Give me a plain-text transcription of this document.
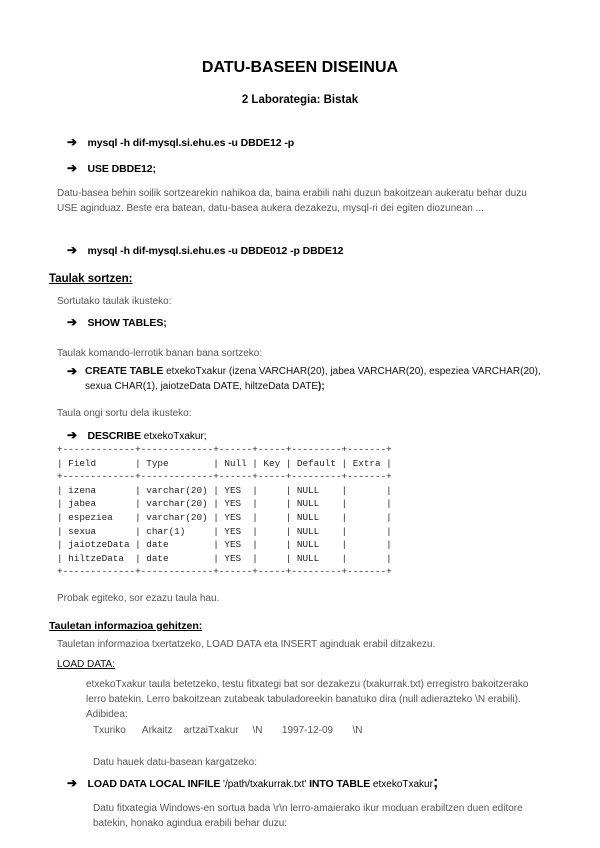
DATU-BASEEN DISEINUA
2 Laborategia: Bistak
➔ mysql -h dif-mysql.si.ehu.es -u DBDE12 -p
➔ USE DBDE12;
Datu-basea behin soilik sortzearekin nahikoa da, baina erabili nahi duzun bakoitzean aukeratu behar duzu USE aginduaz. Beste era batean, datu-basea aukera dezakezu, mysql-ri dei egiten diozunean ...
➔ mysql -h dif-mysql.si.ehu.es -u DBDE012 -p DBDE12
Taulak sortzen:
Sortutako taulak ikusteko:
➔ SHOW TABLES;
Taulak komando-lerrotik banan bana sortzeko:
➔ CREATE TABLE etxekoTxakur (izena VARCHAR(20), jabea VARCHAR(20), espeziea VARCHAR(20), sexua CHAR(1), jaiotzeData DATE, hiltzeData DATE);
Taula ongi sortu dela ikusteko:
➔ DESCRIBE etxekoTxakur;
+-------------+-------------+------+-----+---------+-------+
| Field       | Type        | Null | Key | Default | Extra |
+-------------+-------------+------+-----+---------+-------+
| izena       | varchar(20) | YES  |     | NULL    |       |
| jabea       | varchar(20) | YES  |     | NULL    |       |
| espeziea    | varchar(20) | YES  |     | NULL    |       |
| sexua       | char(1)     | YES  |     | NULL    |       |
| jaiotzeData | date        | YES  |     | NULL    |       |
| hiltzeData  | date        | YES  |     | NULL    |       |
+-------------+-------------+------+-----+---------+-------+
Probak egiteko, sor ezazu taula hau.
Tauletan informazioa gehitzen:
Tauletan informazioa txertatzeko, LOAD DATA eta INSERT aginduak erabil ditzakezu.
LOAD DATA:
etxekoTxakur taula betetzeko, testu fitxategi bat sor dezakezu (txakurrak.txt) erregistro bakoitzerako lerro batekin. Lerro bakoitzean zutabeak tabuladoreekin banatuko dira (null adierazteko \N erabili). Adibidea:
Txuriko      Arkaitz    artzaiTxakur     \N       1997-12-09       \N
Datu hauek datu-basean kargatzeko:
➔ LOAD DATA LOCAL INFILE '/path/txakurrak.txt' INTO TABLE etxekoTxakur;
Datu fitxategia Windows-en sortua bada \r\n lerro-amaierako ikur moduan erabiltzen duen editore batekin, honako agindua erabili behar duzu:
